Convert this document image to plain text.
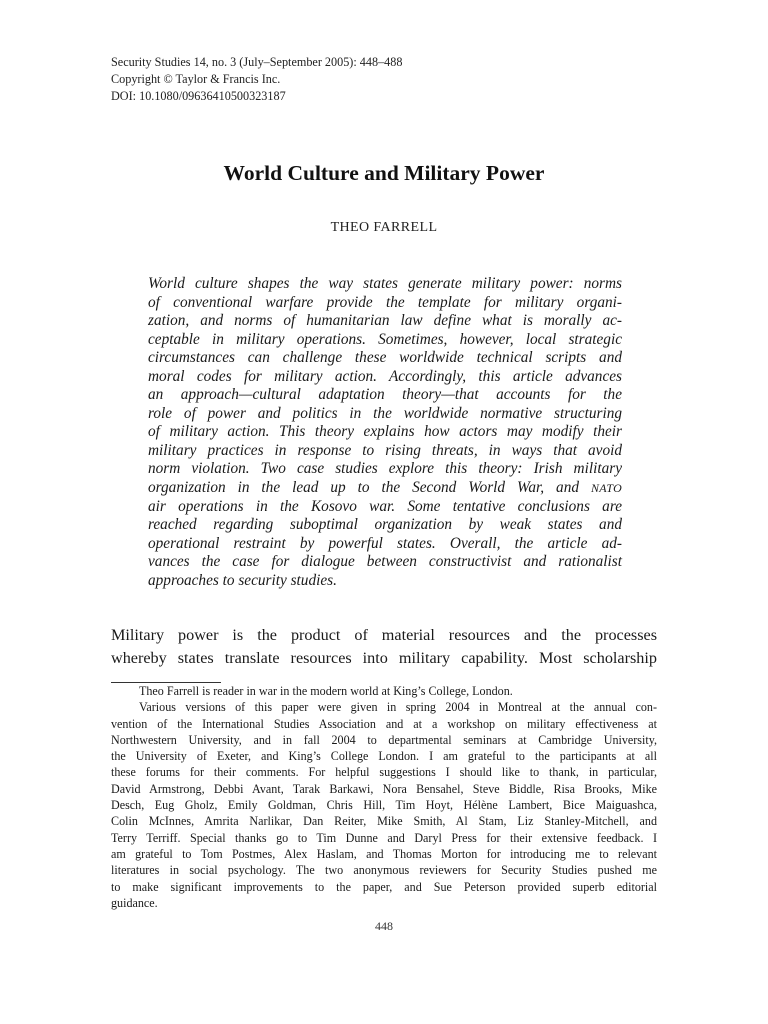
Security Studies 14, no. 3 (July–September 2005): 448–488
Copyright © Taylor & Francis Inc.
DOI: 10.1080/09636410500323187
World Culture and Military Power
THEO FARRELL
World culture shapes the way states generate military power: norms
of conventional warfare provide the template for military organi-
zation, and norms of humanitarian law define what is morally ac-
ceptable in military operations. Sometimes, however, local strategic
circumstances can challenge these worldwide technical scripts and
moral codes for military action. Accordingly, this article advances
an approach—cultural adaptation theory—that accounts for the
role of power and politics in the worldwide normative structuring
of military action. This theory explains how actors may modify their
military practices in response to rising threats, in ways that avoid
norm violation. Two case studies explore this theory: Irish military
organization in the lead up to the Second World War, and NATO
air operations in the Kosovo war. Some tentative conclusions are
reached regarding suboptimal organization by weak states and
operational restraint by powerful states. Overall, the article ad-
vances the case for dialogue between constructivist and rationalist
approaches to security studies.
Military power is the product of material resources and the processes
whereby states translate resources into military capability. Most scholarship
Theo Farrell is reader in war in the modern world at King’s College, London.
Various versions of this paper were given in spring 2004 in Montreal at the annual con-
vention of the International Studies Association and at a workshop on military effectiveness at
Northwestern University, and in fall 2004 to departmental seminars at Cambridge University,
the University of Exeter, and King’s College London. I am grateful to the participants at all
these forums for their comments. For helpful suggestions I should like to thank, in particular,
David Armstrong, Debbi Avant, Tarak Barkawi, Nora Bensahel, Steve Biddle, Risa Brooks, Mike
Desch, Eug Gholz, Emily Goldman, Chris Hill, Tim Hoyt, Hélène Lambert, Bice Maiguashca,
Colin McInnes, Amrita Narlikar, Dan Reiter, Mike Smith, Al Stam, Liz Stanley-Mitchell, and
Terry Terriff. Special thanks go to Tim Dunne and Daryl Press for their extensive feedback. I
am grateful to Tom Postmes, Alex Haslam, and Thomas Morton for introducing me to relevant
literatures in social psychology. The two anonymous reviewers for Security Studies pushed me
to make significant improvements to the paper, and Sue Peterson provided superb editorial
guidance.
448
